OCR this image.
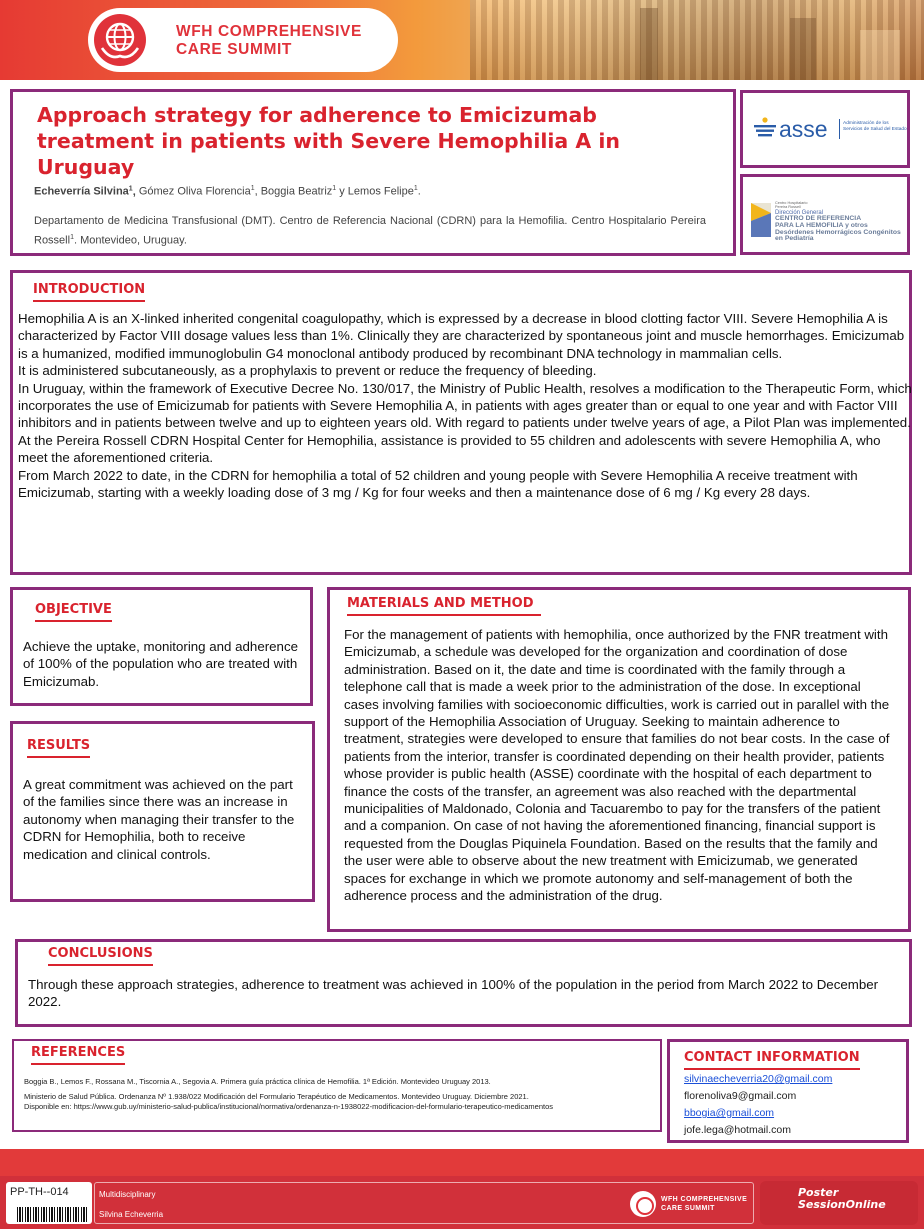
WFH COMPREHENSIVE
CARE SUMMIT
Approach strategy for adherence to Emicizumab
treatment in patients with Severe Hemophilia A in
Uruguay
Echeverría Silvina$^1$, Gómez Oliva Florencia$^1$, Boggia Beatriz$^1$ y Lemos Felipe$^1$.
Departamento de Medicina Transfusional (DMT). Centro de Referencia Nacional (CDRN) para la Hemofilia. Centro Hospitalario Pereira Rossell$^1$. Montevideo, Uruguay.
asse	Administración de los
Servicios de Salud del Estado
Centro Hospitalario
Pereira Rossell
Dirección General
CENTRO DE REFERENCIA
PARA LA HEMOFILIA y otros
Desórdenes Hemorrágicos Congénitos
en Pediatría
INTRODUCTION
Hemophilia A is an X-linked inherited congenital coagulopathy, which is expressed by a decrease in blood clotting factor VIII. Severe Hemophilia A is characterized by Factor VIII dosage values less than 1%. Clinically they are characterized by spontaneous joint and muscle hemorrhages. Emicizumab is a humanized, modified immunoglobulin G4 monoclonal antibody produced by recombinant DNA technology in mammalian cells.
It is administered subcutaneously, as a prophylaxis to prevent or reduce the frequency of bleeding.
In Uruguay, within the framework of Executive Decree No. 130/017, the Ministry of Public Health, resolves a modification to the Therapeutic Form, which incorporates the use of Emicizumab for patients with Severe Hemophilia A, in patients with ages greater than or equal to one year and with Factor VIII inhibitors and in patients between twelve and up to eighteen years old. With regard to patients under twelve years of age, a Pilot Plan was implemented.
At the Pereira Rossell CDRN Hospital Center for Hemophilia, assistance is provided to 55 children and adolescents with severe Hemophilia A, who meet the aforementioned criteria.
From March 2022 to date, in the CDRN for hemophilia a total of 52 children and young people with Severe Hemophilia A receive treatment with Emicizumab, starting with a weekly loading dose of 3 mg / Kg for four weeks and then a maintenance dose of 6 mg / Kg every 28 days.
OBJECTIVE
Achieve the uptake, monitoring and adherence of 100% of the population who are treated with Emicizumab.
RESULTS
A great commitment was achieved on the part of the families since there was an increase in autonomy when managing their transfer to the CDRN for Hemophilia, both to receive medication and clinical controls.
MATERIALS AND METHOD
For the management of patients with hemophilia, once authorized by the FNR treatment with Emicizumab, a schedule was developed for the organization and coordination of dose administration. Based on it, the date and time is coordinated with the family through a telephone call that is made a week prior to the administration of the dose. In exceptional cases involving families with socioeconomic difficulties, work is carried out in parallel with the support of the Hemophilia Association of Uruguay. Seeking to maintain adherence to treatment, strategies were developed to ensure that families do not bear costs. In the case of patients from the interior, transfer is coordinated depending on their health provider, patients whose provider is public health (ASSE) coordinate with the hospital of each department to finance the costs of the transfer, an agreement was also reached with the departmental municipalities of Maldonado, Colonia and Tacuarembo to pay for the transfers of the patient and a companion. On case of not having the aforementioned financing, financial support is requested from the Douglas Piquinela Foundation. Based on the results that the family and the user were able to observe about the new treatment with Emicizumab, we generated spaces for exchange in which we promote autonomy and self-management of both the adherence process and the administration of the drug.
CONCLUSIONS
Through these approach strategies, adherence to treatment was achieved in 100% of the population in the period from March 2022 to December 2022.
REFERENCES
Boggia B., Lemos F., Rossana M., Tiscornia A., Segovia A. Primera guía práctica clínica de Hemofilia. 1ª Edición. Montevideo Uruguay 2013.
Ministerio de Salud Pública. Ordenanza Nº 1.938/022 Modificación del Formulario Terapéutico de Medicamentos. Montevideo Uruguay. Diciembre 2021.
Disponible en: https://www.gub.uy/ministerio-salud-publica/institucional/normativa/ordenanza-n-1938022-modificacion-del-formulario-terapeutico-medicamentos
CONTACT INFORMATION
silvinaecheverria20@gmail.com
florenoliva9@gmail.com
bbogia@gmail.com
jofe.lega@hotmail.com
PP-TH--014	Multidisciplinary
Silvina Echeverria
WFH COMPREHENSIVE
CARE SUMMIT
Poster
SessionOnline
